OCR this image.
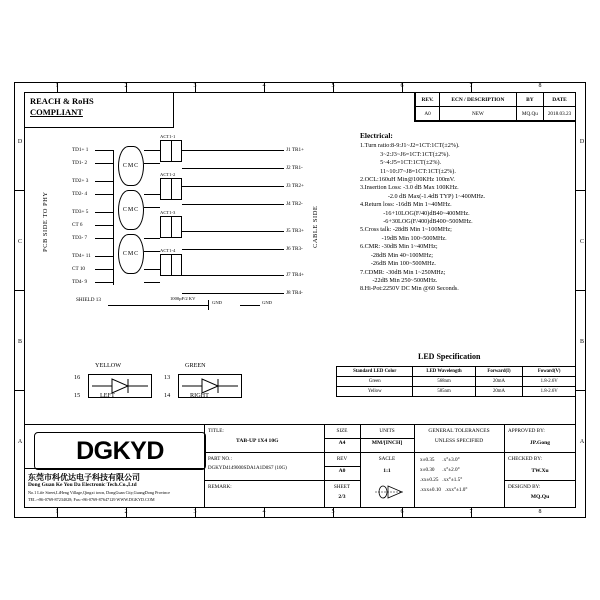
8
8
D
C
B
A
D
C
B
A
REACH & RoHS
COMPLIANT
REV.	ECN / DESCRIPTION	BY	DATE
A0	NEW	MQ.Qu	2018.03.23
Electrical:
1.Turn ratio:8-9:J1~J2=1CT:1CT(±2%).
3~2:J3~J6=1CT:1CT(±2%).
5~4:J5=1CT:1CT(±2%).
11~10:J7~J8=1CT:1CT(±2%).
2.OCL:160uH Min@100KHz 100mV.
3.Insertion Loss: -3.0 dB Max 100KHz.
-2.0 dB Max(-1.4dB TYP) 1~400MHz.
4.Return loss: -16dB Min 1~40MHz.
-16+10LOG(F/40)dB40~400MHz.
-6+30LOG(F/400)dB400~500MHz.
5.Cross talk: -28dB Min 1~100MHz;
-19dB Min 100~500MHz.
6.CMR: -30dB Min 1~40MHz;
-28dB Min 40~100MHz;
-26dB Min 100~500MHz.
7.CDMR: -30dB Min 1~250MHz;
-22dB Min 250~500MHz.
8.Hi-Pot:2250V DC Min @60 Seconds.
PCB SIDE TO PHY	CABLE SIDE
TD1+ 1
TD1- 2
TD2+ 3
TD2- 4
TD3+ 5
CT 6
TD3- 7
TD4+ 11
CT 10
TD4- 9
J1 TR1+
J2 TR1-
J3 TR2+
J4 TR2-
J5 TR3+
J6 TR3-
J7 TR4+
J8 TR4-
CMC
CMC
CMC
ACT1-1
ACT1-2
ACT1-3
ACT1-4
SHIELD 13	1000pF/2 KV
GND	GND
YELLOW	GREEN
16
15
13
14
LEFT	RIGHT
LED Specification
Standard LED Color	LED Wavelength	Forward(I)	Foward(V)
Green	568nm	20mA	1.8-2.6V
Yellow	585nm	20mA	1.8-2.6V
DGKYD
东莞市科优达电子科技有限公司
Dong Guan Ke You Da Electronic Tech.Co.,Ltd
No.1 Life Street,LiHeng Village,Qingxi town, DongGuan City,GuangDong Province
TEL:+86-0769-87234028; Fax:+86-0769-87647129 WWW.DGKYD.COM
TITLE:
TAB-UP 1X4 10G
PART NO.:
DGKYD4149000SDA1A1D0S7 (10G)
REMARK:
SIZE
A4
REV
A0
SHEET
2/3
UNITS
MM/[INCH]
SACLE
1:1
GENERAL TOLERANCES
UNLESS SPECIFIED
x±0.35      .x°±3.0°
x±0.30      .x°±2.0°
.xx±0.25   .xx°±1.5°
.xxx±0.10   .xxx°±1.0°
APPROVED BY:
JP.Gong
CHECKED BY:
TW.Xu
DESIGND BY:
MQ.Qu
